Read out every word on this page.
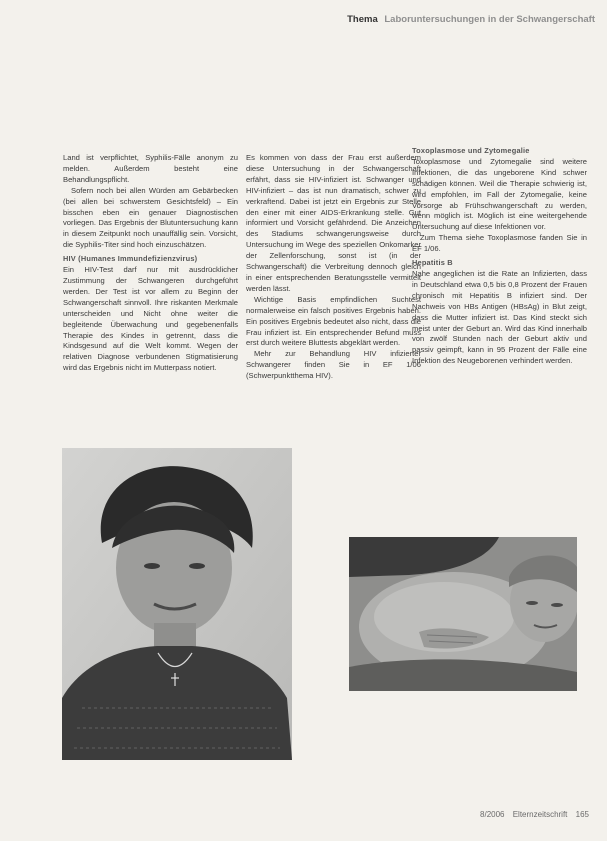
Thema Laboruntersuchungen in der Schwangerschaft

Land ist verpflichtet, Syphilis-Fälle anonym zu melden. Außerdem besteht eine Behandlungspflicht.

Sofern noch bei allen Würden am Gebärbecken (bei allen bei schwerstem Gesichtsfeld) – Ein bisschen eben ein genauer Diagnostischen vorliegen. Das Ergebnis der Blutuntersuchung kann in diesem Zeitpunkt noch unauffällig sein. Vorsicht, die Syphilis-Titer sind hoch einzuschätzen.

HIV (Humanes Immundefizienzvirus)

Ein HIV-Test darf nur mit ausdrücklicher Zustimmung der Schwangeren durchgeführt werden. Der Test ist vor allem zu Beginn der Schwangerschaft sinnvoll. Ihre riskanten Merkmale unterscheiden und Nicht ohne weiter die begleitende Überwachung und gegebenenfalls Therapie des Kindes in getrennt, dass die Kindsgesund auf die Welt kommt. Wegen der relativen Diagnose verbundenen Stigmatisierung wird das Ergebnis nicht im Mutterpass notiert.

Es kommen von dass der Frau erst außerdem diese Untersuchung in der Schwangerschaft erfährt, dass sie HIV-infiziert ist. Schwanger und HIV-infiziert – das ist nun dramatisch, schwer zu verkraftend. Dabei ist jetzt ein Ergebnis zur Stelle den einer mit einer AIDS-Erkrankung stelle. Gut informiert und Vorsicht gefährdend. Die Anzeichen des Stadiums schwangerungsweise durch Untersuchung im Wege des speziellen Onkomarker der Zellenforschung, sonst ist (in der Schwangerschaft) die Verbreitung dennoch gleich in einer entsprechenden Beratungsstelle vermittelt werden lässt.

Wichtige Basis empfindlichen Suchtest normalerweise ein falsch positives Ergebnis haben. Ein positives Ergebnis bedeutet also nicht, dass die Frau infiziert ist. Ein entsprechender Befund muss erst durch weitere Bluttests abgeklärt werden.

Mehr zur Behandlung HIV infizierter Schwangerer finden Sie in EF 1/06 (Schwerpunktthema HIV).

Toxoplasmose und Zytomegalie

Toxoplasmose und Zytomegalie sind weitere Infektionen, die das ungeborene Kind schwer schädigen können. Weil die Therapie schwierig ist, wird empfohlen, im Fall der Zytomegalie, keine Vorsorge ab Frühschwangerschaft zu werden, wenn möglich ist. Möglich ist eine weitergehende Untersuchung auf diese Infektionen vor.

Zum Thema siehe Toxoplasmose fanden Sie in EF 1/06.

Hepatitis B

Nahe angeglichen ist die Rate an Infizierten, dass in Deutschland etwa 0,5 bis 0,8 Prozent der Frauen chronisch mit Hepatitis B infiziert sind. Der Nachweis von HBs Antigen (HBsAg) in Blut zeigt, dass die Mutter infiziert ist. Das Kind steckt sich meist unter der Geburt an. Wird das Kind innerhalb von zwölf Stunden nach der Geburt aktiv und passiv geimpft, kann in 95 Prozent der Fälle eine Infektion des Neugeborenen verhindert werden.

8/2006 Elternzeitschrift 165
